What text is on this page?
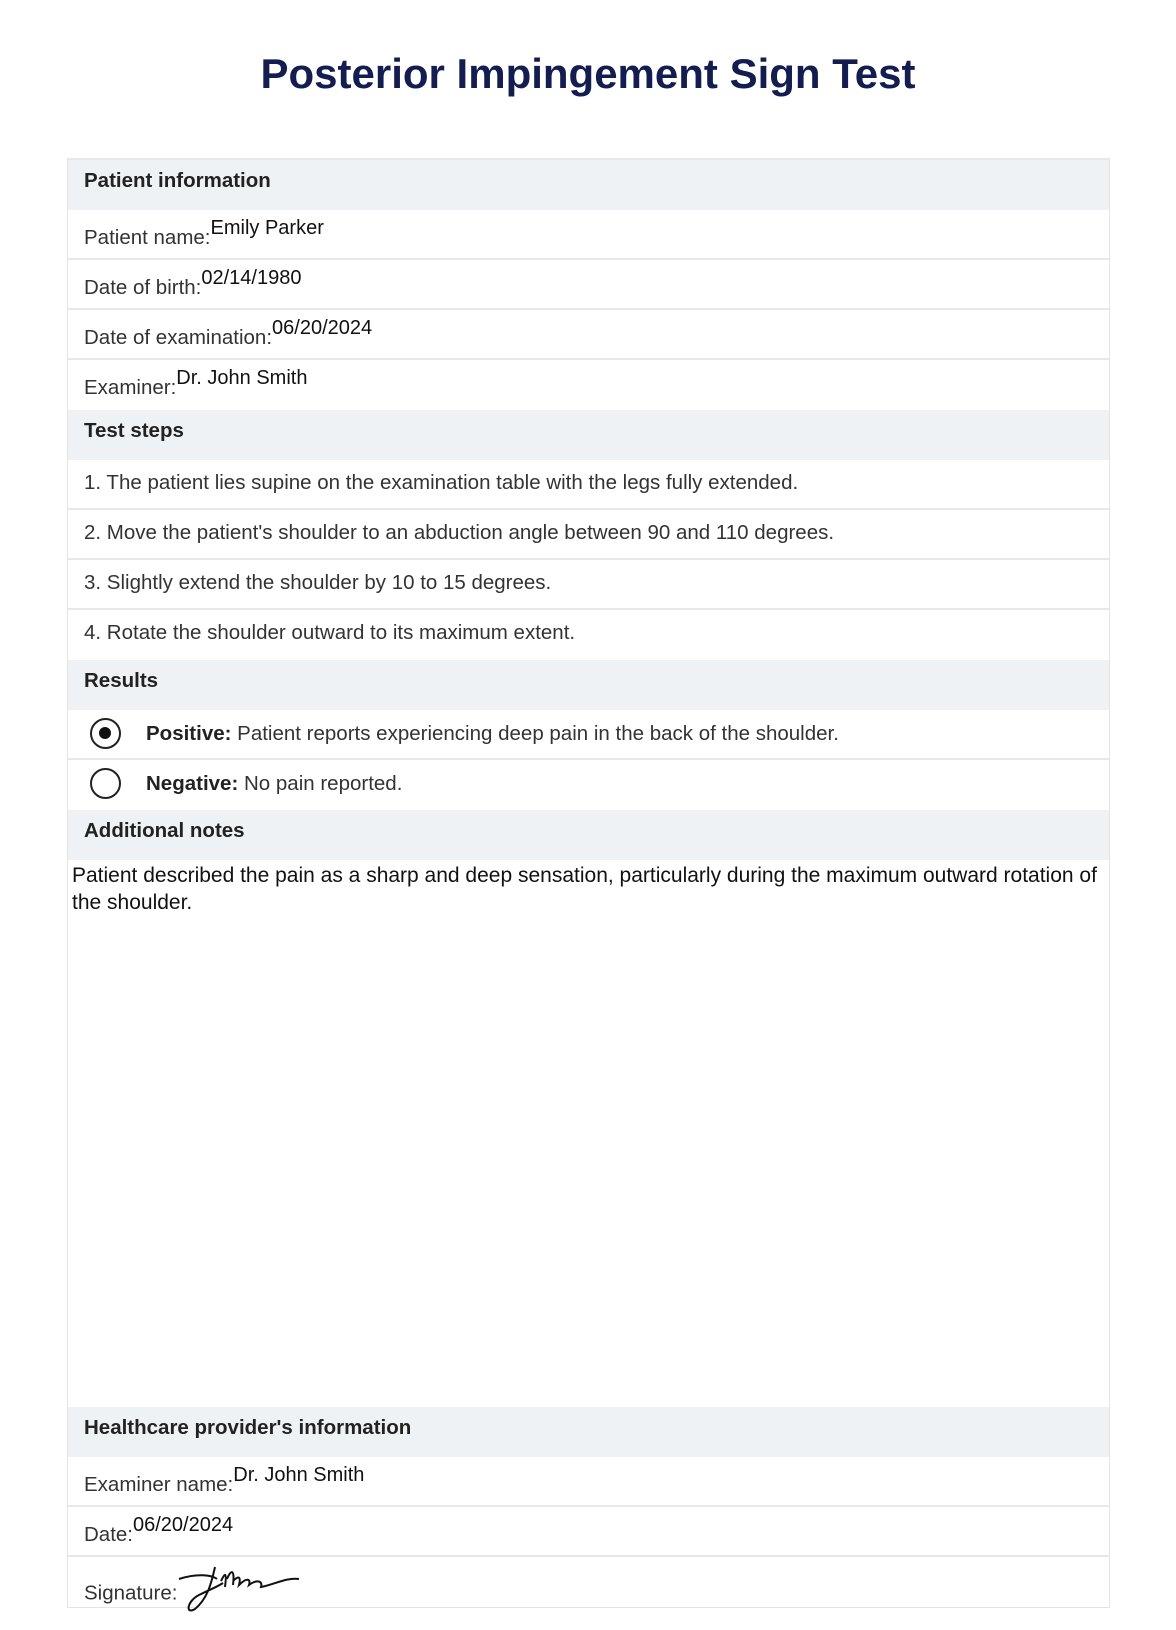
Posterior Impingement Sign Test
Patient information
Patient name:Emily Parker
Date of birth:02/14/1980
Date of examination:06/20/2024
Examiner:Dr. John Smith
Test steps
1. The patient lies supine on the examination table with the legs fully extended.
2. Move the patient's shoulder to an abduction angle between 90 and 110 degrees.
3. Slightly extend the shoulder by 10 to 15 degrees.
4. Rotate the shoulder outward to its maximum extent.
Results
Positive: Patient reports experiencing deep pain in the back of the shoulder.
Negative: No pain reported.
Additional notes
Patient described the pain as a sharp and deep sensation, particularly during the maximum outward rotation of the shoulder.
Healthcare provider's information
Examiner name:Dr. John Smith
Date:06/20/2024
Signature:
